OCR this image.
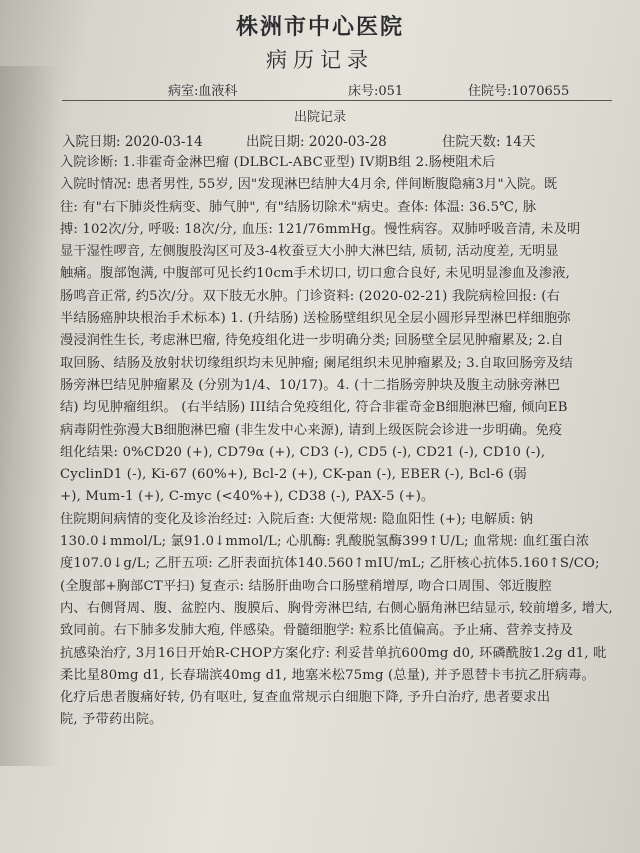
株洲市中心医院
病历记录
病室:血液科	床号:051	住院号:1070655
出院记录
入院日期: 2020-03-14	出院日期: 2020-03-28	住院天数: 14天
入院诊断: 1.非霍奇金淋巴瘤 (DLBCL-ABC亚型) IV期B组 2.肠梗阻术后
入院时情况: 患者男性, 55岁, 因"发现淋巴结肿大4月余, 伴间断腹隐痛3月"入院。既
往: 有"右下肺炎性病变、肺气肿", 有"结肠切除术"病史。查体: 体温: 36.5℃, 脉
搏: 102次/分, 呼吸: 18次/分, 血压: 121/76mmHg。慢性病容。双肺呼吸音清, 未及明
显干湿性啰音, 左侧腹股沟区可及3-4枚蚕豆大小肿大淋巴结, 质韧, 活动度差, 无明显
触痛。腹部饱满, 中腹部可见长约10cm手术切口, 切口愈合良好, 未见明显渗血及渗液,
肠鸣音正常, 约5次/分。双下肢无水肿。门诊资料: (2020-02-21) 我院病检回报: (右
半结肠癌肿块根治手术标本) 1. (升结肠) 送检肠壁组织见全层小圆形异型淋巴样细胞弥
漫浸润性生长, 考虑淋巴瘤, 待免疫组化进一步明确分类; 回肠壁全层见肿瘤累及; 2.自
取回肠、结肠及放射状切缘组织均未见肿瘤; 阑尾组织未见肿瘤累及; 3.自取回肠旁及结
肠旁淋巴结见肿瘤累及 (分别为1/4、10/17)。4. (十二指肠旁肿块及腹主动脉旁淋巴
结) 均见肿瘤组织。 (右半结肠) III结合免疫组化, 符合非霍奇金B细胞淋巴瘤, 倾向EB
病毒阴性弥漫大B细胞淋巴瘤 (非生发中心来源), 请到上级医院会诊进一步明确。免疫
组化结果: 0%CD20 (+), CD79α (+), CD3 (-), CD5 (-), CD21 (-), CD10 (-),
CyclinD1 (-), Ki-67 (60%+), Bcl-2 (+), CK-pan (-), EBER (-), Bcl-6 (弱
+), Mum-1 (+), C-myc (<40%+), CD38 (-), PAX-5 (+)。
住院期间病情的变化及诊治经过: 入院后查: 大便常规: 隐血阳性 (+); 电解质: 钠
130.0↓mmol/L; 氯91.0↓mmol/L; 心肌酶: 乳酸脱氢酶399↑U/L; 血常规: 血红蛋白浓
度107.0↓g/L; 乙肝五项: 乙肝表面抗体140.560↑mIU/mL; 乙肝核心抗体5.160↑S/CO;
(全腹部+胸部CT平扫) 复查示: 结肠肝曲吻合口肠壁稍增厚, 吻合口周围、邻近腹腔
内、右侧肾周、腹、盆腔内、腹膜后、胸骨旁淋巴结, 右侧心膈角淋巴结显示, 较前增多, 增大,
致同前。右下肺多发肺大疱, 伴感染。骨髓细胞学: 粒系比值偏高。予止痛、营养支持及
抗感染治疗, 3月16日开始R-CHOP方案化疗: 利妥昔单抗600mg d0, 环磷酰胺1.2g d1, 吡
柔比星80mg d1, 长春瑞滨40mg d1, 地塞米松75mg (总量), 并予恩替卡韦抗乙肝病毒。
化疗后患者腹痛好转, 仍有呕吐, 复查血常规示白细胞下降, 予升白治疗, 患者要求出
院, 予带药出院。
